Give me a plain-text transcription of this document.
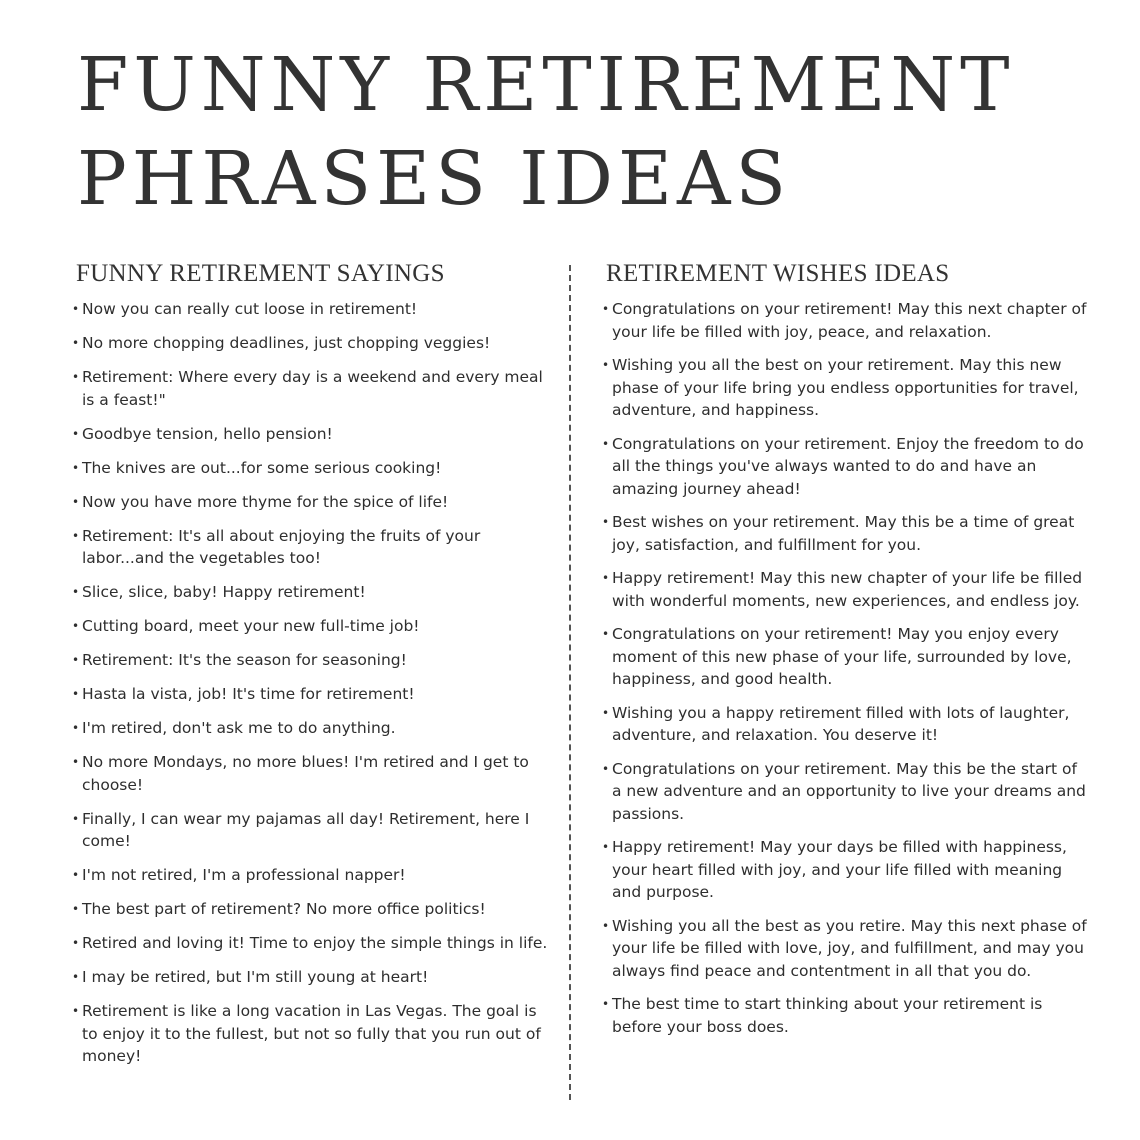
FUNNY RETIREMENT
PHRASES IDEAS
FUNNY RETIREMENT SAYINGS
• Now you can really cut loose in retirement!
• No more chopping deadlines, just chopping veggies!
• Retirement: Where every day is a weekend and every meal is a feast!"
• Goodbye tension, hello pension!
• The knives are out...for some serious cooking!
• Now you have more thyme for the spice of life!
• Retirement: It's all about enjoying the fruits of your labor...and the vegetables too!
• Slice, slice, baby! Happy retirement!
• Cutting board, meet your new full-time job!
• Retirement: It's the season for seasoning!
• Hasta la vista, job! It's time for retirement!
• I'm retired, don't ask me to do anything.
• No more Mondays, no more blues! I'm retired and I get to choose!
• Finally, I can wear my pajamas all day! Retirement, here I come!
• I'm not retired, I'm a professional napper!
• The best part of retirement? No more office politics!
• Retired and loving it! Time to enjoy the simple things in life.
• I may be retired, but I'm still young at heart!
• Retirement is like a long vacation in Las Vegas. The goal is to enjoy it to the fullest, but not so fully that you run out of money!
RETIREMENT WISHES IDEAS
• Congratulations on your retirement! May this next chapter of your life be filled with joy, peace, and relaxation.
• Wishing you all the best on your retirement. May this new phase of your life bring you endless opportunities for travel, adventure, and happiness.
• Congratulations on your retirement. Enjoy the freedom to do all the things you've always wanted to do and have an amazing journey ahead!
• Best wishes on your retirement. May this be a time of great joy, satisfaction, and fulfillment for you.
• Happy retirement! May this new chapter of your life be filled with wonderful moments, new experiences, and endless joy.
• Congratulations on your retirement! May you enjoy every moment of this new phase of your life, surrounded by love, happiness, and good health.
• Wishing you a happy retirement filled with lots of laughter, adventure, and relaxation. You deserve it!
• Congratulations on your retirement. May this be the start of a new adventure and an opportunity to live your dreams and passions.
• Happy retirement! May your days be filled with happiness, your heart filled with joy, and your life filled with meaning and purpose.
• Wishing you all the best as you retire. May this next phase of your life be filled with love, joy, and fulfillment, and may you always find peace and contentment in all that you do.
• The best time to start thinking about your retirement is before your boss does.
